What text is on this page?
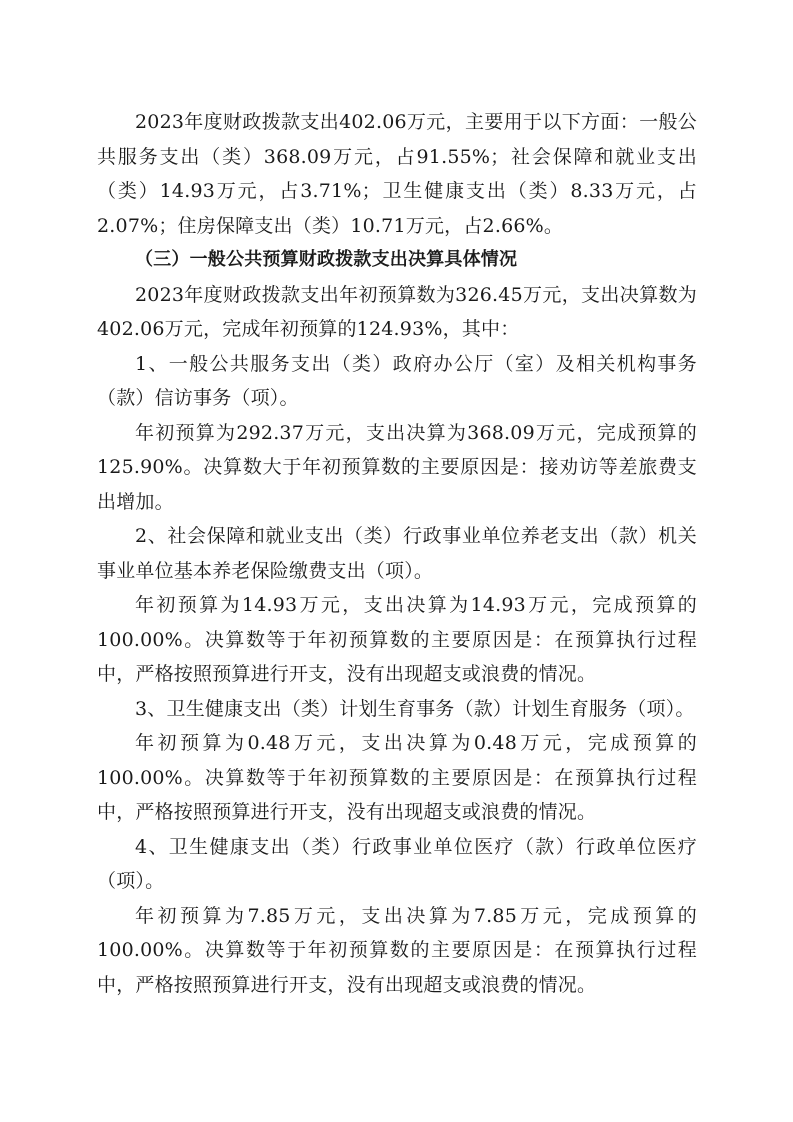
2023年度财政拨款支出402.06万元，主要用于以下方面：一般公共服务支出（类）368.09万元，占91.55%；社会保障和就业支出（类）14.93万元，占3.71%；卫生健康支出（类）8.33万元，占2.07%；住房保障支出（类）10.71万元，占2.66%。

（三）一般公共预算财政拨款支出决算具体情况

2023年度财政拨款支出年初预算数为326.45万元，支出决算数为402.06万元，完成年初预算的124.93%，其中：

1、一般公共服务支出（类）政府办公厅（室）及相关机构事务（款）信访事务（项）。

年初预算为292.37万元，支出决算为368.09万元，完成预算的125.90%。决算数大于年初预算数的主要原因是：接劝访等差旅费支出增加。

2、社会保障和就业支出（类）行政事业单位养老支出（款）机关事业单位基本养老保险缴费支出（项）。

年初预算为14.93万元，支出决算为14.93万元，完成预算的100.00%。决算数等于年初预算数的主要原因是：在预算执行过程中，严格按照预算进行开支，没有出现超支或浪费的情况。

3、卫生健康支出（类）计划生育事务（款）计划生育服务（项）。

年初预算为0.48万元，支出决算为0.48万元，完成预算的100.00%。决算数等于年初预算数的主要原因是：在预算执行过程中，严格按照预算进行开支，没有出现超支或浪费的情况。

4、卫生健康支出（类）行政事业单位医疗（款）行政单位医疗（项）。

年初预算为7.85万元，支出决算为7.85万元，完成预算的100.00%。决算数等于年初预算数的主要原因是：在预算执行过程中，严格按照预算进行开支，没有出现超支或浪费的情况。
